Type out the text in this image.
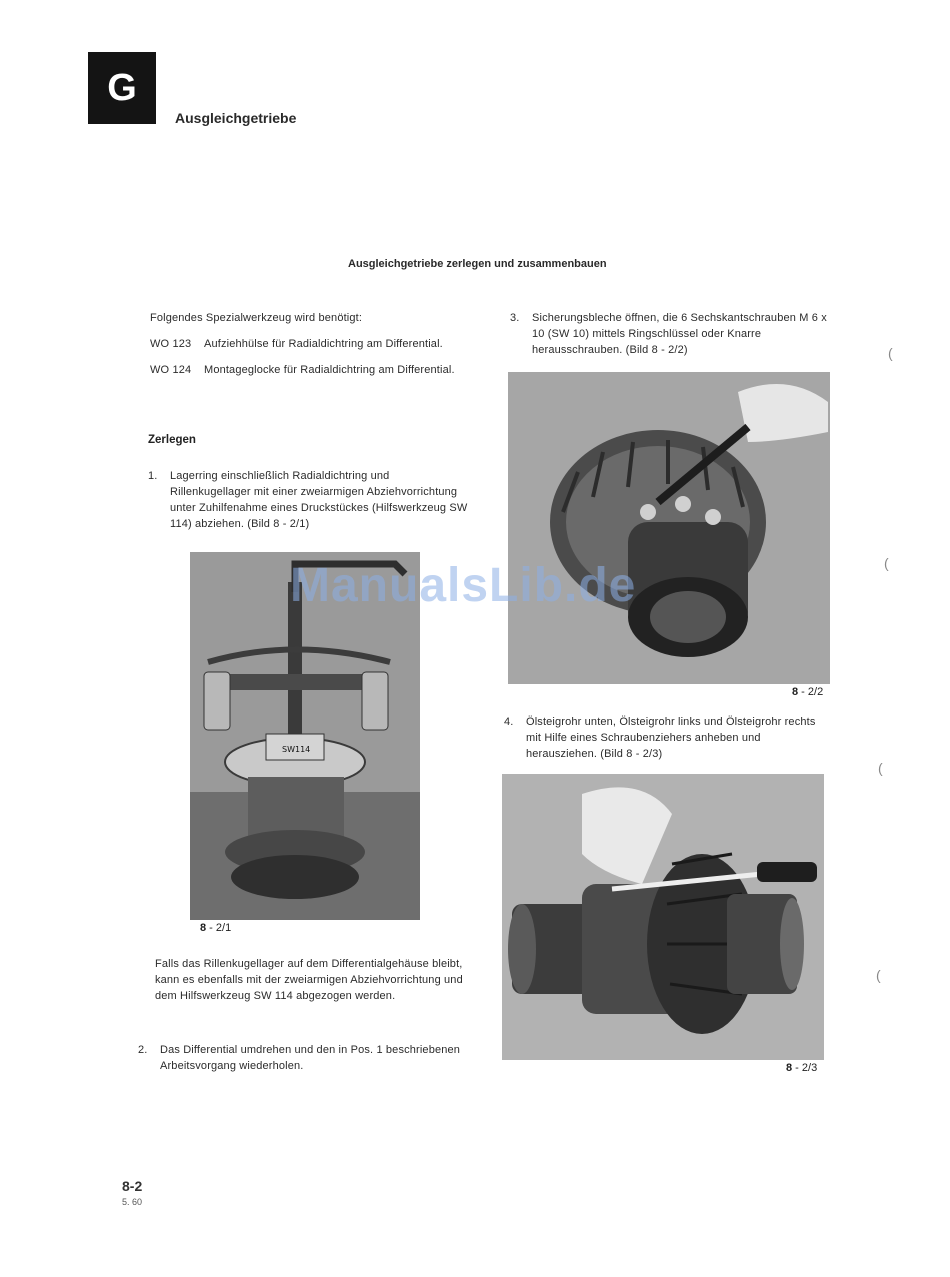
G
Ausgleichgetriebe
Ausgleichgetriebe zerlegen und zusammenbauen
Folgendes Spezialwerkzeug wird benötigt:
WO 123	Aufziehhülse für Radialdichtring am Differential.
WO 124	Montageglocke für Radialdichtring am Differential.
Zerlegen
1.	Lagerring einschließlich Radialdichtring und Rillenkugellager mit einer zweiarmigen Abziehvorrichtung unter Zuhilfenahme eines Druckstückes (Hilfswerkzeug SW 114) abziehen. (Bild 8 - 2/1)
SW114
8 - 2/1
Falls das Rillenkugellager auf dem Differentialgehäuse bleibt, kann es ebenfalls mit der zweiarmigen Abziehvorrichtung und dem Hilfswerkzeug SW 114 abgezogen werden.
2.	Das Differential umdrehen und den in Pos. 1 beschriebenen Arbeitsvorgang wiederholen.
3.	Sicherungsbleche öffnen, die 6 Sechskantschrauben M 6 x 10 (SW 10) mittels Ringschlüssel oder Knarre herausschrauben. (Bild 8 - 2/2)
8 - 2/2
4.	Ölsteigrohr unten, Ölsteigrohr links und Ölsteigrohr rechts mit Hilfe eines Schraubenziehers anheben und herausziehen. (Bild 8 - 2/3)
8 - 2/3
ManualsLib.de
8-2
5. 60
(
(
(
(
